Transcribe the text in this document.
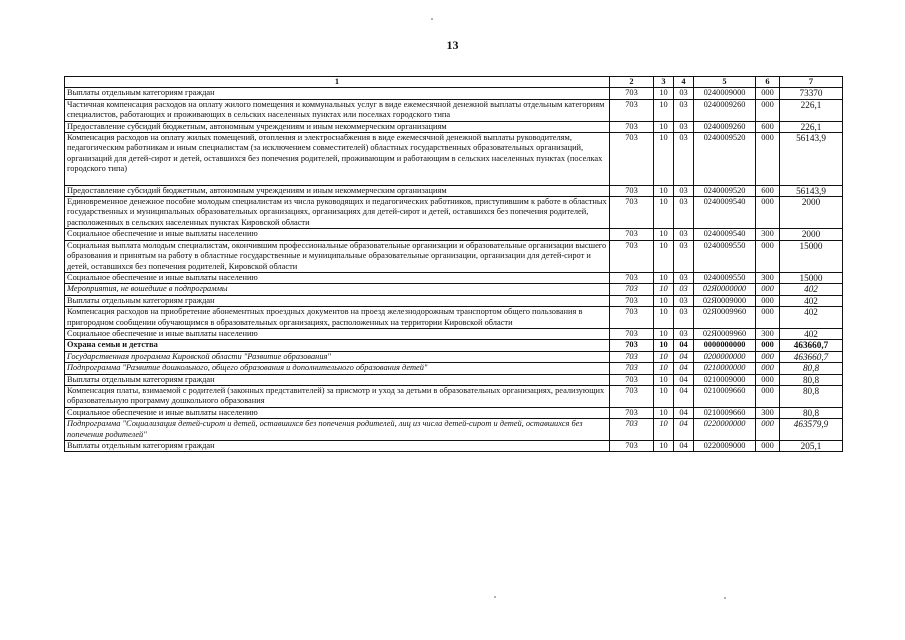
13
1	2	3	4	5	6	7
Выплаты отдельным категориям граждан	703	10	03	0240009000	000	73370
Частичная компенсация расходов на оплату жилого помещения и коммунальных услуг в виде ежемесячной денежной выплаты отдельным категориям специалистов, работающих и проживающих в сельских населенных пунктах или поселках городского типа	703	10	03	0240009260	000	226,1
Предоставление субсидий бюджетным, автономным учреждениям и иным некоммерческим организациям	703	10	03	0240009260	600	226,1
Компенсация расходов на оплату жилых помещений, отопления и электроснабжения в виде ежемесячной денежной выплаты руководителям, педагогическим работникам и иным специалистам (за исключением совместителей) областных государственных образовательных организаций, организаций для детей-сирот и детей, оставшихся без попечения родителей, проживающим и работающим в сельских населенных пунктах (поселках городского типа)	703	10	03	0240009520	000	56143,9
Предоставление субсидий бюджетным, автономным учреждениям и иным некоммерческим организациям	703	10	03	0240009520	600	56143,9
Единовременное денежное пособие молодым специалистам из числа руководящих и педагогических работников, приступившим к работе в областных государственных и муниципальных образовательных организациях, организациях для детей-сирот и детей, оставшихся без попечения родителей, расположенных в сельских населенных пунктах Кировской области	703	10	03	0240009540	000	2000
Социальное обеспечение и иные выплаты населению	703	10	03	0240009540	300	2000
Социальная выплата молодым специалистам, окончившим профессиональные образовательные организации и образовательные организации высшего образования и принятым на работу в областные государственные и муниципальные образовательные организации, организации для детей-сирот и детей, оставшихся без попечения родителей, Кировской области	703	10	03	0240009550	000	15000
Социальное обеспечение и иные выплаты населению	703	10	03	0240009550	300	15000
Мероприятия, не вошедшие в подпрограммы	703	10	03	02Я0000000	000	402
Выплаты отдельным категориям граждан	703	10	03	02Я0009000	000	402
Компенсация расходов на приобретение абонементных проездных документов на проезд железнодорожным транспортом общего пользования в пригородном сообщении обучающимся в образовательных организациях, расположенных на территории Кировской области	703	10	03	02Я0009960	000	402
Социальное обеспечение и иные выплаты населению	703	10	03	02Я0009960	300	402
Охрана семьи и детства	703	10	04	0000000000	000	463660,7
Государственная программа Кировской области "Развитие образования"	703	10	04	0200000000	000	463660,7
Подпрограмма "Развитие дошкольного, общего образования и дополнительного образования детей"	703	10	04	0210000000	000	80,8
Выплаты отдельным категориям граждан	703	10	04	0210009000	000	80,8
Компенсация платы, взимаемой с родителей (законных представителей) за присмотр и уход за детьми в образовательных организациях, реализующих образовательную программу дошкольного образования	703	10	04	0210009660	000	80,8
Социальное обеспечение и иные выплаты населению	703	10	04	0210009660	300	80,8
Подпрограмма "Социализация детей-сирот и детей, оставшихся без попечения родителей, лиц из числа детей-сирот и детей, оставшихся без попечения родителей"	703	10	04	0220000000	000	463579,9
Выплаты отдельным категориям граждан	703	10	04	0220009000	000	205,1
